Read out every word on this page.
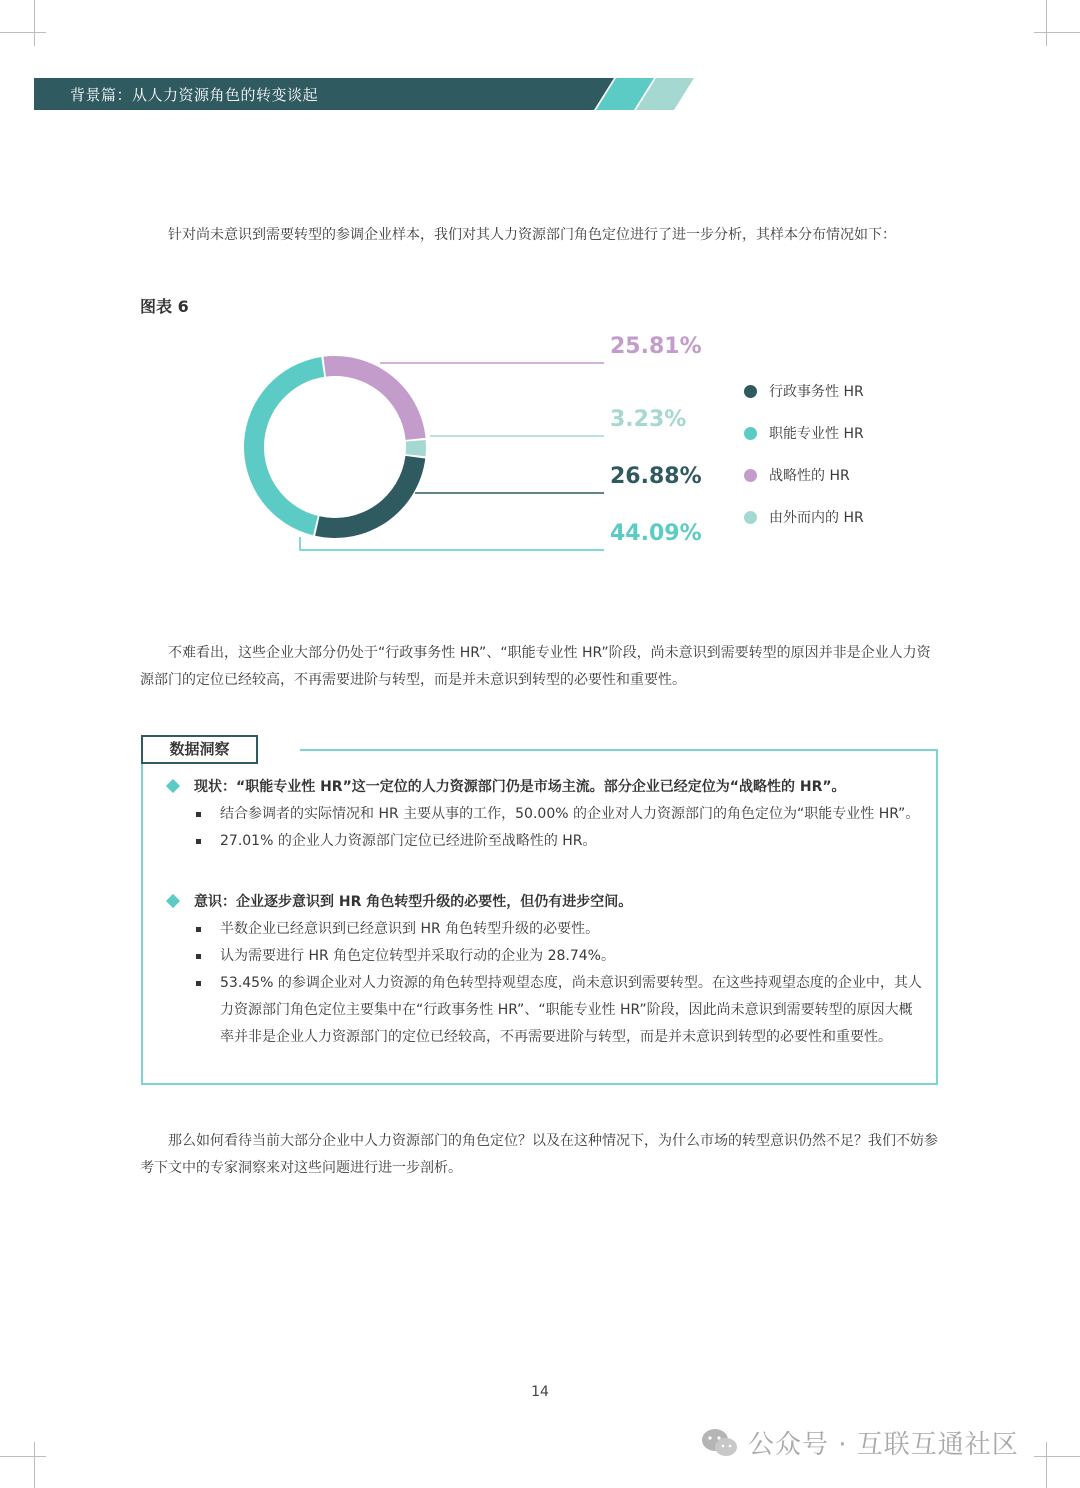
背景篇：从人力资源角色的转变谈起
针对尚未意识到需要转型的参调企业样本，我们对其人力资源部门角色定位进行了进一步分析，其样本分布情况如下：
图表 6
25.81%
3.23%
26.88%
44.09%
行政事务性 HR
职能专业性 HR
战略性的 HR
由外而内的 HR
不难看出，这些企业大部分仍处于“行政事务性 HR”、“职能专业性 HR”阶段，尚未意识到需要转型的原因并非是企业人力资源部门的定位已经较高，不再需要进阶与转型，而是并未意识到转型的必要性和重要性。
数据洞察
现状：“职能专业性 HR”这一定位的人力资源部门仍是市场主流。部分企业已经定位为“战略性的 HR”。
结合参调者的实际情况和 HR 主要从事的工作，50.00% 的企业对人力资源部门的角色定位为“职能专业性 HR”。
27.01% 的企业人力资源部门定位已经进阶至战略性的 HR。
意识：企业逐步意识到 HR 角色转型升级的必要性，但仍有进步空间。
半数企业已经意识到已经意识到 HR 角色转型升级的必要性。
认为需要进行 HR 角色定位转型并采取行动的企业为 28.74%。
53.45% 的参调企业对人力资源的角色转型持观望态度，尚未意识到需要转型。在这些持观望态度的企业中，其人力资源部门角色定位主要集中在“行政事务性 HR”、“职能专业性 HR”阶段，因此尚未意识到需要转型的原因大概率并非是企业人力资源部门的定位已经较高，不再需要进阶与转型，而是并未意识到转型的必要性和重要性。
那么如何看待当前大部分企业中人力资源部门的角色定位？以及在这种情况下，为什么市场的转型意识仍然不足？我们不妨参考下文中的专家洞察来对这些问题进行进一步剖析。
14
公众号 · 互联互通社区
